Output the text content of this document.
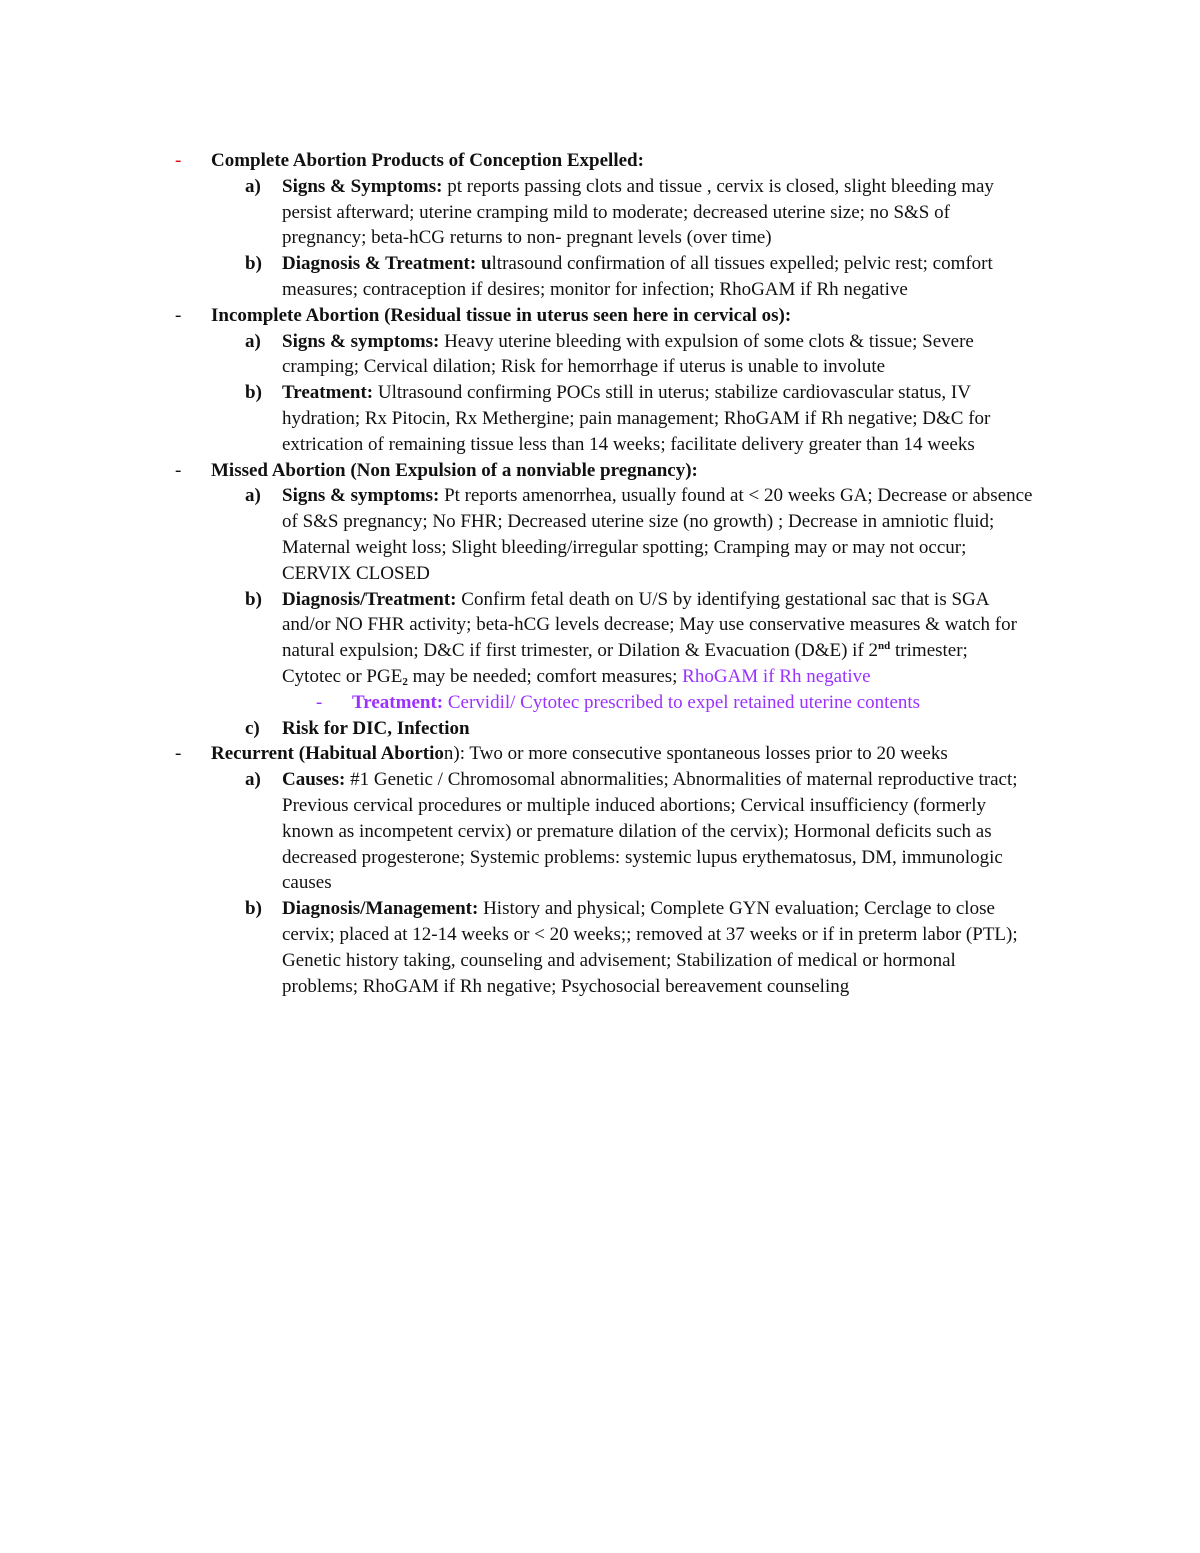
- Complete Abortion Products of Conception Expelled:
a) Signs & Symptoms: pt reports passing clots and tissue , cervix is closed, slight bleeding may
persist afterward; uterine cramping mild to moderate; decreased uterine size; no S&S of
pregnancy; beta-hCG returns to non- pregnant levels (over time)
b) Diagnosis & Treatment: ultrasound confirmation of all tissues expelled; pelvic rest; comfort
measures; contraception if desires; monitor for infection; RhoGAM if Rh negative
- Incomplete Abortion (Residual tissue in uterus seen here in cervical os):
a) Signs & symptoms: Heavy uterine bleeding with expulsion of some clots & tissue; Severe
cramping; Cervical dilation; Risk for hemorrhage if uterus is unable to involute
b) Treatment: Ultrasound confirming POCs still in uterus; stabilize cardiovascular status, IV
hydration; Rx Pitocin, Rx Methergine; pain management; RhoGAM if Rh negative; D&C for
extrication of remaining tissue less than 14 weeks; facilitate delivery greater than 14 weeks
- Missed Abortion (Non Expulsion of a nonviable pregnancy):
a) Signs & symptoms: Pt reports amenorrhea, usually found at < 20 weeks GA; Decrease or absence
of S&S pregnancy; No FHR; Decreased uterine size (no growth) ; Decrease in amniotic fluid;
Maternal weight loss; Slight bleeding/irregular spotting; Cramping may or may not occur;
CERVIX CLOSED
b) Diagnosis/Treatment: Confirm fetal death on U/S by identifying gestational sac that is SGA
and/or NO FHR activity; beta-hCG levels decrease; May use conservative measures & watch for
natural expulsion; D&C if first trimester, or Dilation & Evacuation (D&E) if 2nd trimester;
Cytotec or $PGE_2$ may be needed; comfort measures; RhoGAM if Rh negative
- Treatment: Cervidil/ Cytotec prescribed to expel retained uterine contents
c) Risk for DIC, Infection
- Recurrent (Habitual Abortion): Two or more consecutive spontaneous losses prior to 20 weeks
a) Causes: #1 Genetic / Chromosomal abnormalities; Abnormalities of maternal reproductive tract;
Previous cervical procedures or multiple induced abortions; Cervical insufficiency (formerly
known as incompetent cervix) or premature dilation of the cervix); Hormonal deficits such as
decreased progesterone; Systemic problems: systemic lupus erythematosus, DM, immunologic
causes
b) Diagnosis/Management: History and physical; Complete GYN evaluation; Cerclage to close
cervix; placed at 12-14 weeks or < 20 weeks;; removed at 37 weeks or if in preterm labor (PTL);
Genetic history taking, counseling and advisement; Stabilization of medical or hormonal
problems; RhoGAM if Rh negative; Psychosocial bereavement counseling
